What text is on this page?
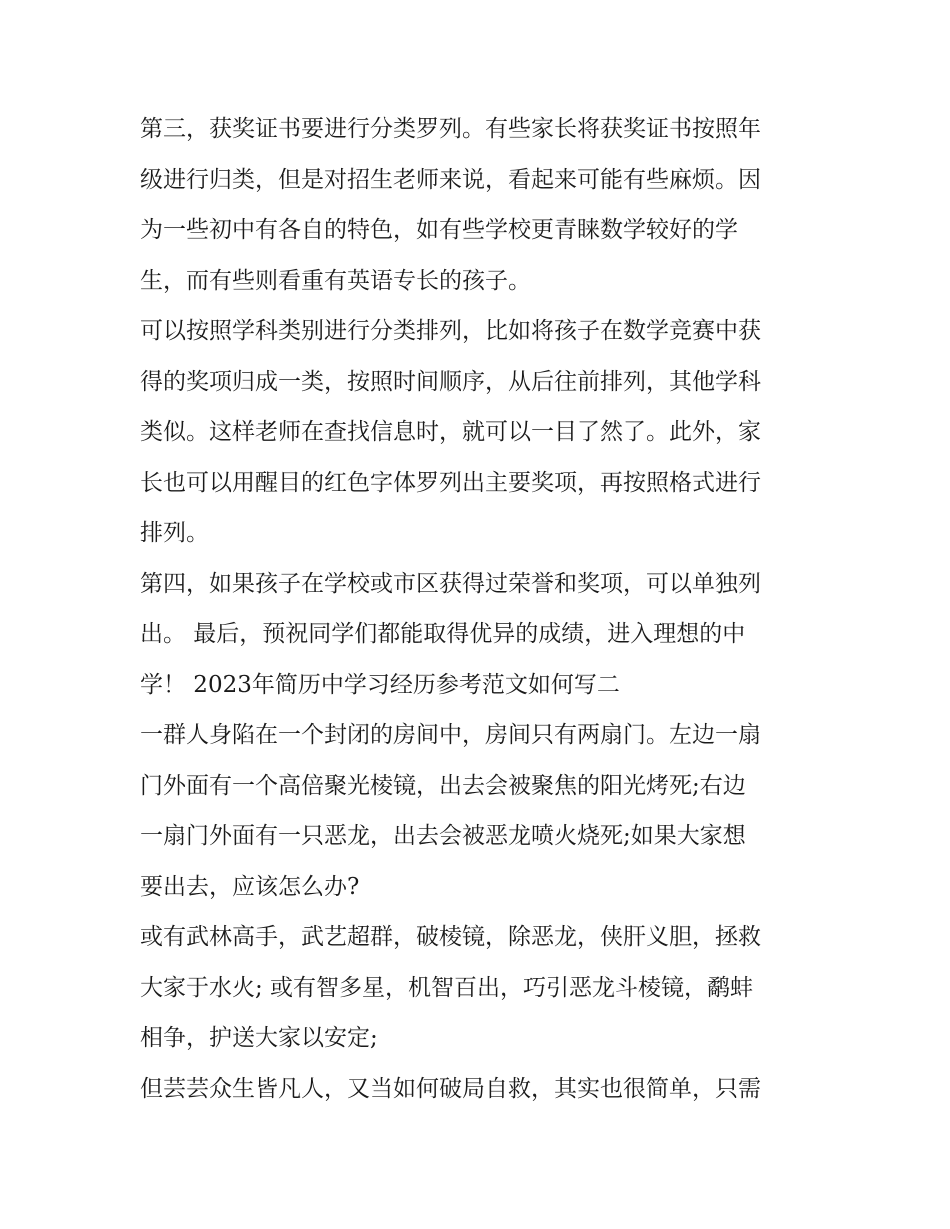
第三，获奖证书要进行分类罗列。有些家长将获奖证书按照年

级进行归类，但是对招生老师来说，看起来可能有些麻烦。因

为一些初中有各自的特色，如有些学校更青睐数学较好的学

生，而有些则看重有英语专长的孩子。

可以按照学科类别进行分类排列，比如将孩子在数学竞赛中获

得的奖项归成一类，按照时间顺序，从后往前排列，其他学科

类似。这样老师在查找信息时，就可以一目了然了。此外，家

长也可以用醒目的红色字体罗列出主要奖项，再按照格式进行

排列。

第四，如果孩子在学校或市区获得过荣誉和奖项，可以单独列

出。 最后，预祝同学们都能取得优异的成绩，进入理想的中

学！ 2023年简历中学习经历参考范文如何写二

一群人身陷在一个封闭的房间中，房间只有两扇门。左边一扇

门外面有一个高倍聚光棱镜，出去会被聚焦的阳光烤死;右边

一扇门外面有一只恶龙，出去会被恶龙喷火烧死;如果大家想

要出去，应该怎么办?

或有武林高手，武艺超群，破棱镜，除恶龙，侠肝义胆，拯救

大家于水火; 或有智多星，机智百出，巧引恶龙斗棱镜，鹬蚌

相争，护送大家以安定;

但芸芸众生皆凡人，又当如何破局自救，其实也很简单，只需
